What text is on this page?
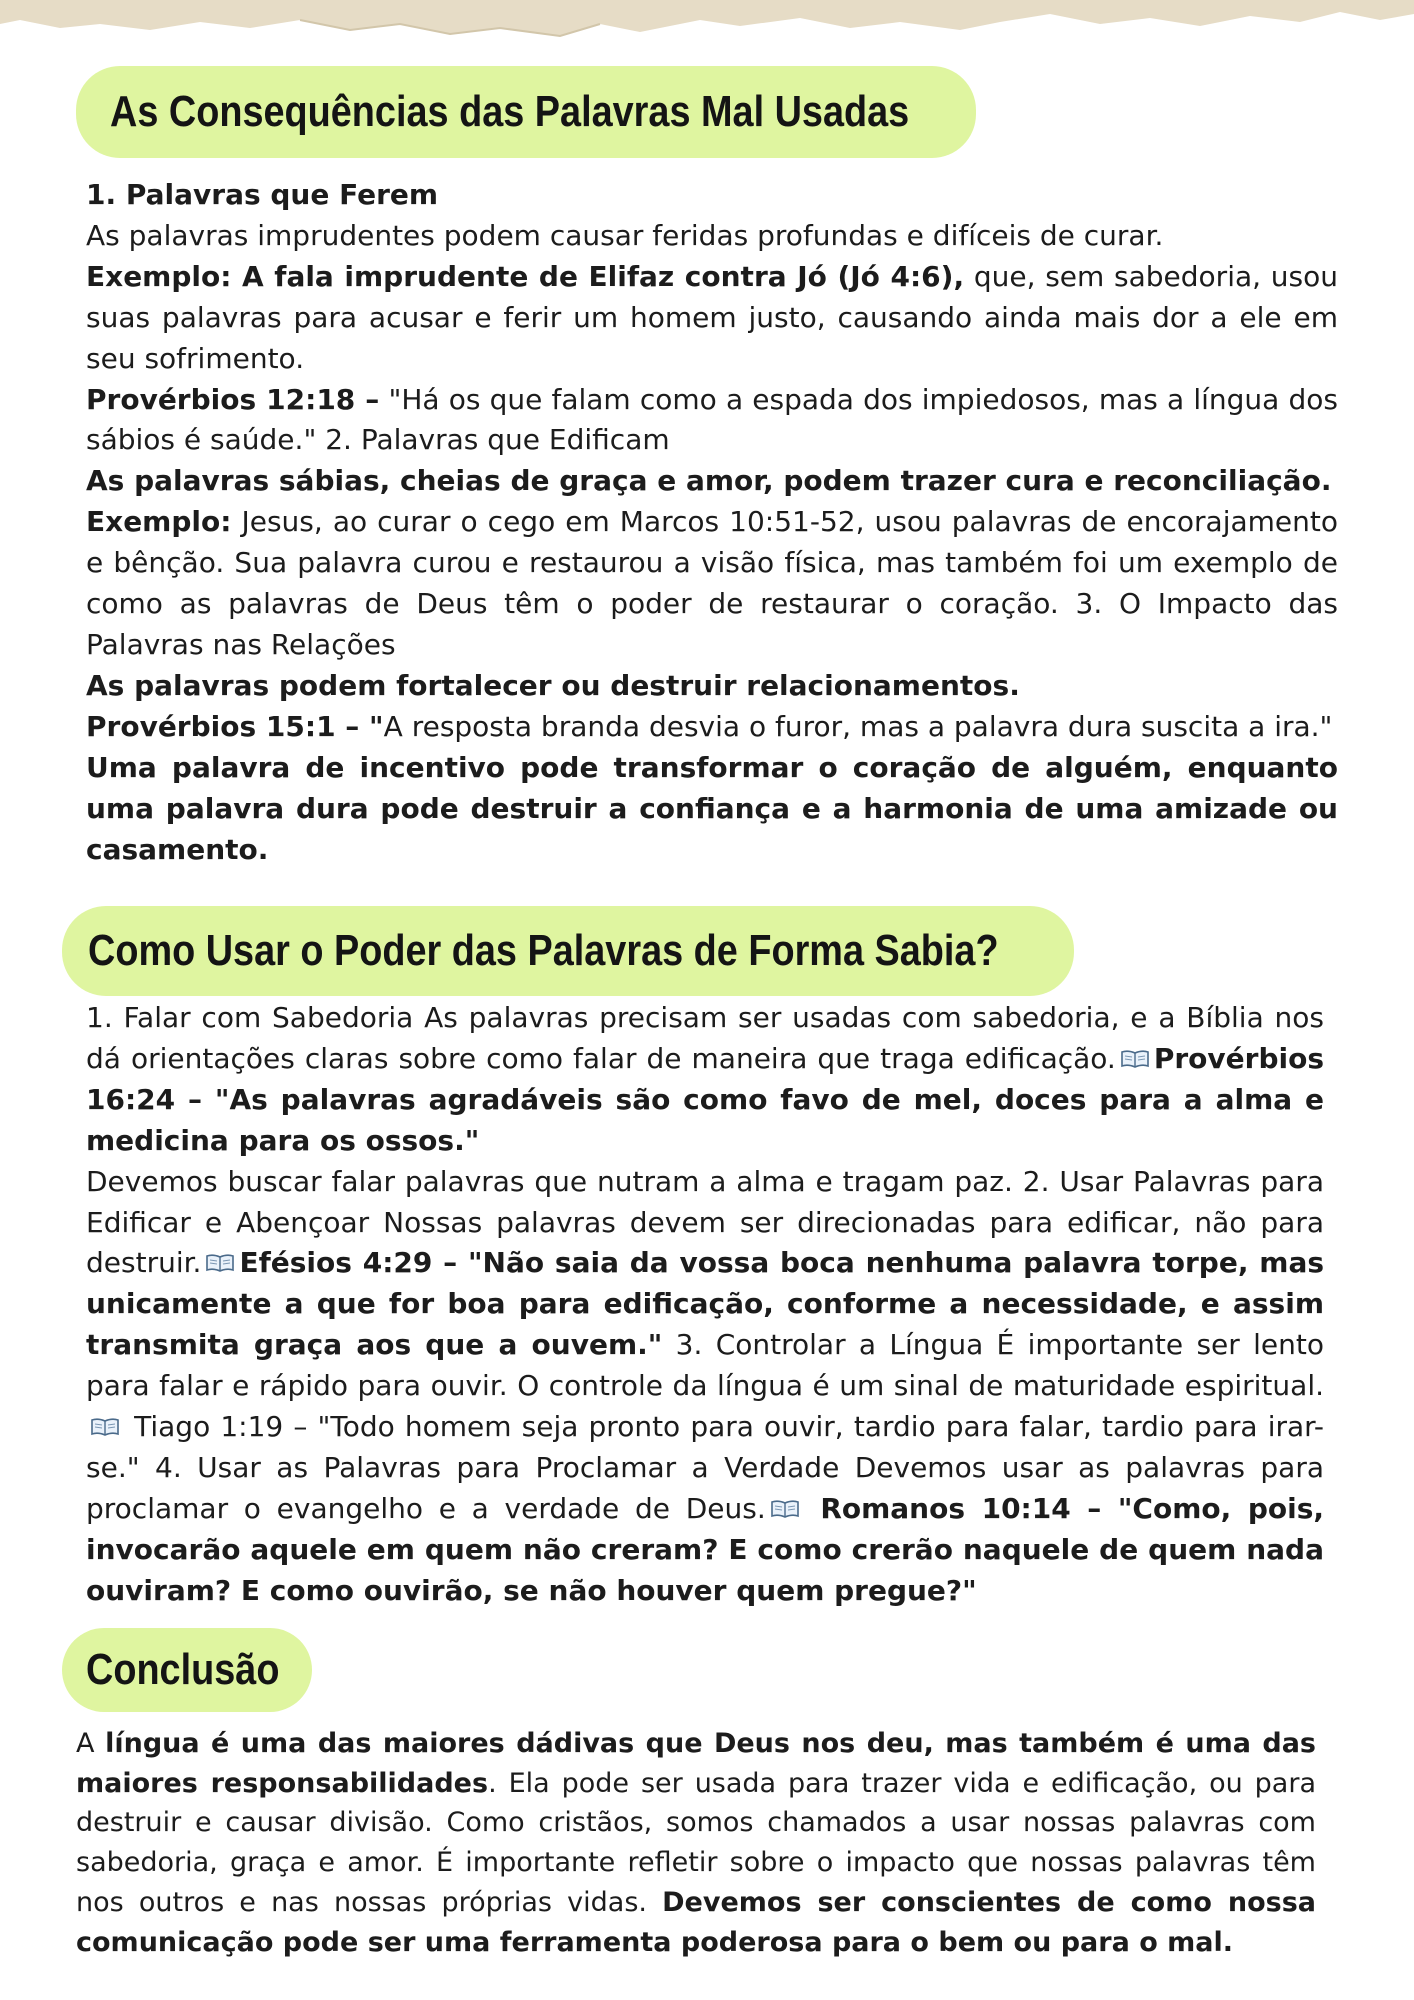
As Consequências das Palavras Mal Usadas

1. Palavras que Ferem

As palavras imprudentes podem causar feridas profundas e difíceis de curar.

Exemplo: A fala imprudente de Elifaz contra Jó (Jó 4:6), que, sem sabedoria, usou suas palavras para acusar e ferir um homem justo, causando ainda mais dor a ele em seu sofrimento.

Provérbios 12:18 – "Há os que falam como a espada dos impiedosos, mas a língua dos sábios é saúde." 2. Palavras que Edificam

As palavras sábias, cheias de graça e amor, podem trazer cura e reconciliação.

Exemplo: Jesus, ao curar o cego em Marcos 10:51-52, usou palavras de encorajamento e bênção. Sua palavra curou e restaurou a visão física, mas também foi um exemplo de como as palavras de Deus têm o poder de restaurar o coração. 3. O Impacto das Palavras nas Relações

As palavras podem fortalecer ou destruir relacionamentos.

Provérbios 15:1 – "A resposta branda desvia o furor, mas a palavra dura suscita a ira."

Uma palavra de incentivo pode transformar o coração de alguém, enquanto uma palavra dura pode destruir a confiança e a harmonia de uma amizade ou casamento.

Como Usar o Poder das Palavras de Forma Sabia?

1. Falar com Sabedoria As palavras precisam ser usadas com sabedoria, e a Bíblia nos dá orientações claras sobre como falar de maneira que traga edificação. Provérbios 16:24 – "As palavras agradáveis são como favo de mel, doces para a alma e medicina para os ossos."

Devemos buscar falar palavras que nutram a alma e tragam paz. 2. Usar Palavras para Edificar e Abençoar Nossas palavras devem ser direcionadas para edificar, não para destruir. Efésios 4:29 – "Não saia da vossa boca nenhuma palavra torpe, mas unicamente a que for boa para edificação, conforme a necessidade, e assim transmita graça aos que a ouvem." 3. Controlar a Língua É importante ser lento para falar e rápido para ouvir. O controle da língua é um sinal de maturidade espiritual. Tiago 1:19 – "Todo homem seja pronto para ouvir, tardio para falar, tardio para irar-se." 4. Usar as Palavras para Proclamar a Verdade Devemos usar as palavras para proclamar o evangelho e a verdade de Deus. Romanos 10:14 – "Como, pois, invocarão aquele em quem não creram? E como crerão naquele de quem nada ouviram? E como ouvirão, se não houver quem pregue?"

Conclusão

A língua é uma das maiores dádivas que Deus nos deu, mas também é uma das maiores responsabilidades. Ela pode ser usada para trazer vida e edificação, ou para destruir e causar divisão. Como cristãos, somos chamados a usar nossas palavras com sabedoria, graça e amor. É importante refletir sobre o impacto que nossas palavras têm nos outros e nas nossas próprias vidas. Devemos ser conscientes de como nossa comunicação pode ser uma ferramenta poderosa para o bem ou para o mal.
